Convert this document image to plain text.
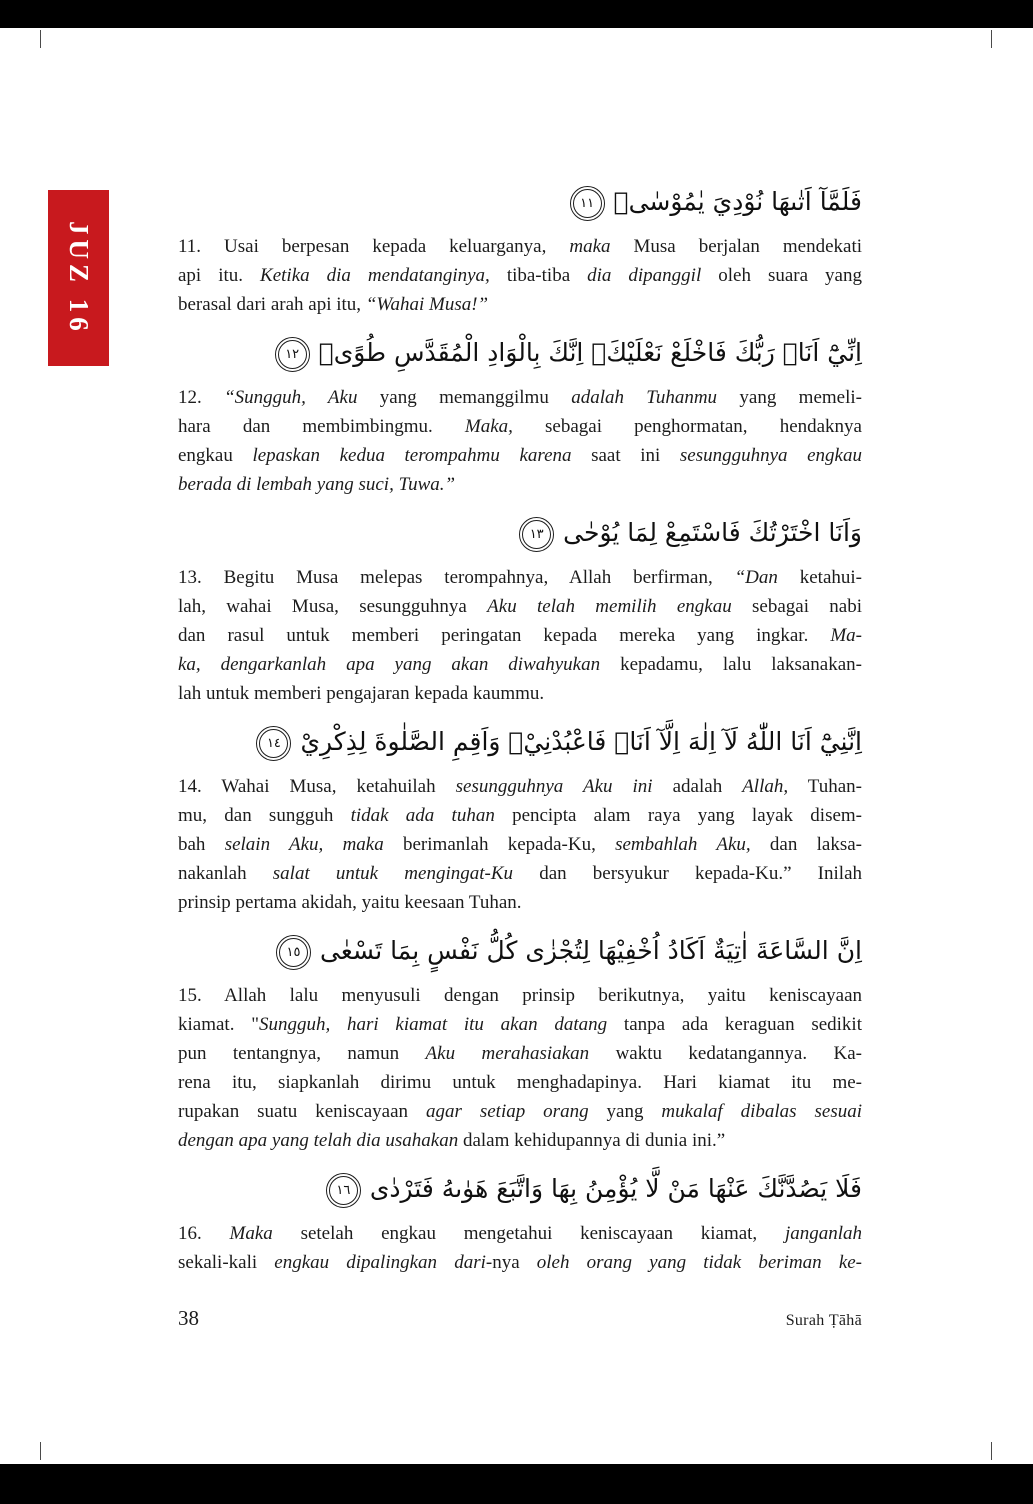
JUZ 16
فَلَمَّآ اَتٰىهَا نُوْدِيَ يٰمُوْسٰىۙ
١١
11. Usai berpesan kepada keluarganya, maka Musa berjalan mendekati
api itu. Ketika dia mendatanginya, tiba-tiba dia dipanggil oleh suara yang
berasal dari arah api itu, “Wahai Musa!”
اِنِّيْٓ اَنَا۠ رَبُّكَ فَاخْلَعْ نَعْلَيْكَۚ اِنَّكَ بِالْوَادِ الْمُقَدَّسِ طُوًىۗ
١٢
12. “Sungguh, Aku yang memanggilmu adalah Tuhanmu yang memeli-
hara dan membimbingmu. Maka, sebagai penghormatan, hendaknya
engkau lepaskan kedua terompahmu karena saat ini sesungguhnya engkau
berada di lembah yang suci, Tuwa.”
وَاَنَا اخْتَرْتُكَ فَاسْتَمِعْ لِمَا يُوْحٰى
١٣
13. Begitu Musa melepas terompahnya, Allah berfirman, “Dan ketahui-
lah, wahai Musa, sesungguhnya Aku telah memilih engkau sebagai nabi
dan rasul untuk memberi peringatan kepada mereka yang ingkar. Ma-
ka, dengarkanlah apa yang akan diwahyukan kepadamu, lalu laksanakan-
lah untuk memberi pengajaran kepada kaummu.
اِنَّنِيْٓ اَنَا اللّٰهُ لَآ اِلٰهَ اِلَّآ اَنَا۠ فَاعْبُدْنِيْۙ وَاَقِمِ الصَّلٰوةَ لِذِكْرِيْ
١٤
14. Wahai Musa, ketahuilah sesungguhnya Aku ini adalah Allah, Tuhan-
mu, dan sungguh tidak ada tuhan pencipta alam raya yang layak disem-
bah selain Aku, maka berimanlah kepada-Ku, sembahlah Aku, dan laksa-
nakanlah salat untuk mengingat-Ku dan bersyukur kepada-Ku.” Inilah
prinsip pertama akidah, yaitu keesaan Tuhan.
اِنَّ السَّاعَةَ اٰتِيَةٌ اَكَادُ اُخْفِيْهَا لِتُجْزٰى كُلُّ نَفْسٍ بِمَا تَسْعٰى
١٥
15. Allah lalu menyusuli dengan prinsip berikutnya, yaitu keniscayaan
kiamat. "Sungguh, hari kiamat itu akan datang tanpa ada keraguan sedikit
pun tentangnya, namun Aku merahasiakan waktu kedatangannya. Ka-
rena itu, siapkanlah dirimu untuk menghadapinya. Hari kiamat itu me-
rupakan suatu keniscayaan agar setiap orang yang mukalaf dibalas sesuai
dengan apa yang telah dia usahakan dalam kehidupannya di dunia ini.”
فَلَا يَصُدَّنَّكَ عَنْهَا مَنْ لَّا يُؤْمِنُ بِهَا وَاتَّبَعَ هَوٰىهُ فَتَرْدٰى
١٦
16. Maka setelah engkau mengetahui keniscayaan kiamat, janganlah
sekali-kali engkau dipalingkan dari-nya oleh orang yang tidak beriman ke-
38	Surah Ṭāhā
